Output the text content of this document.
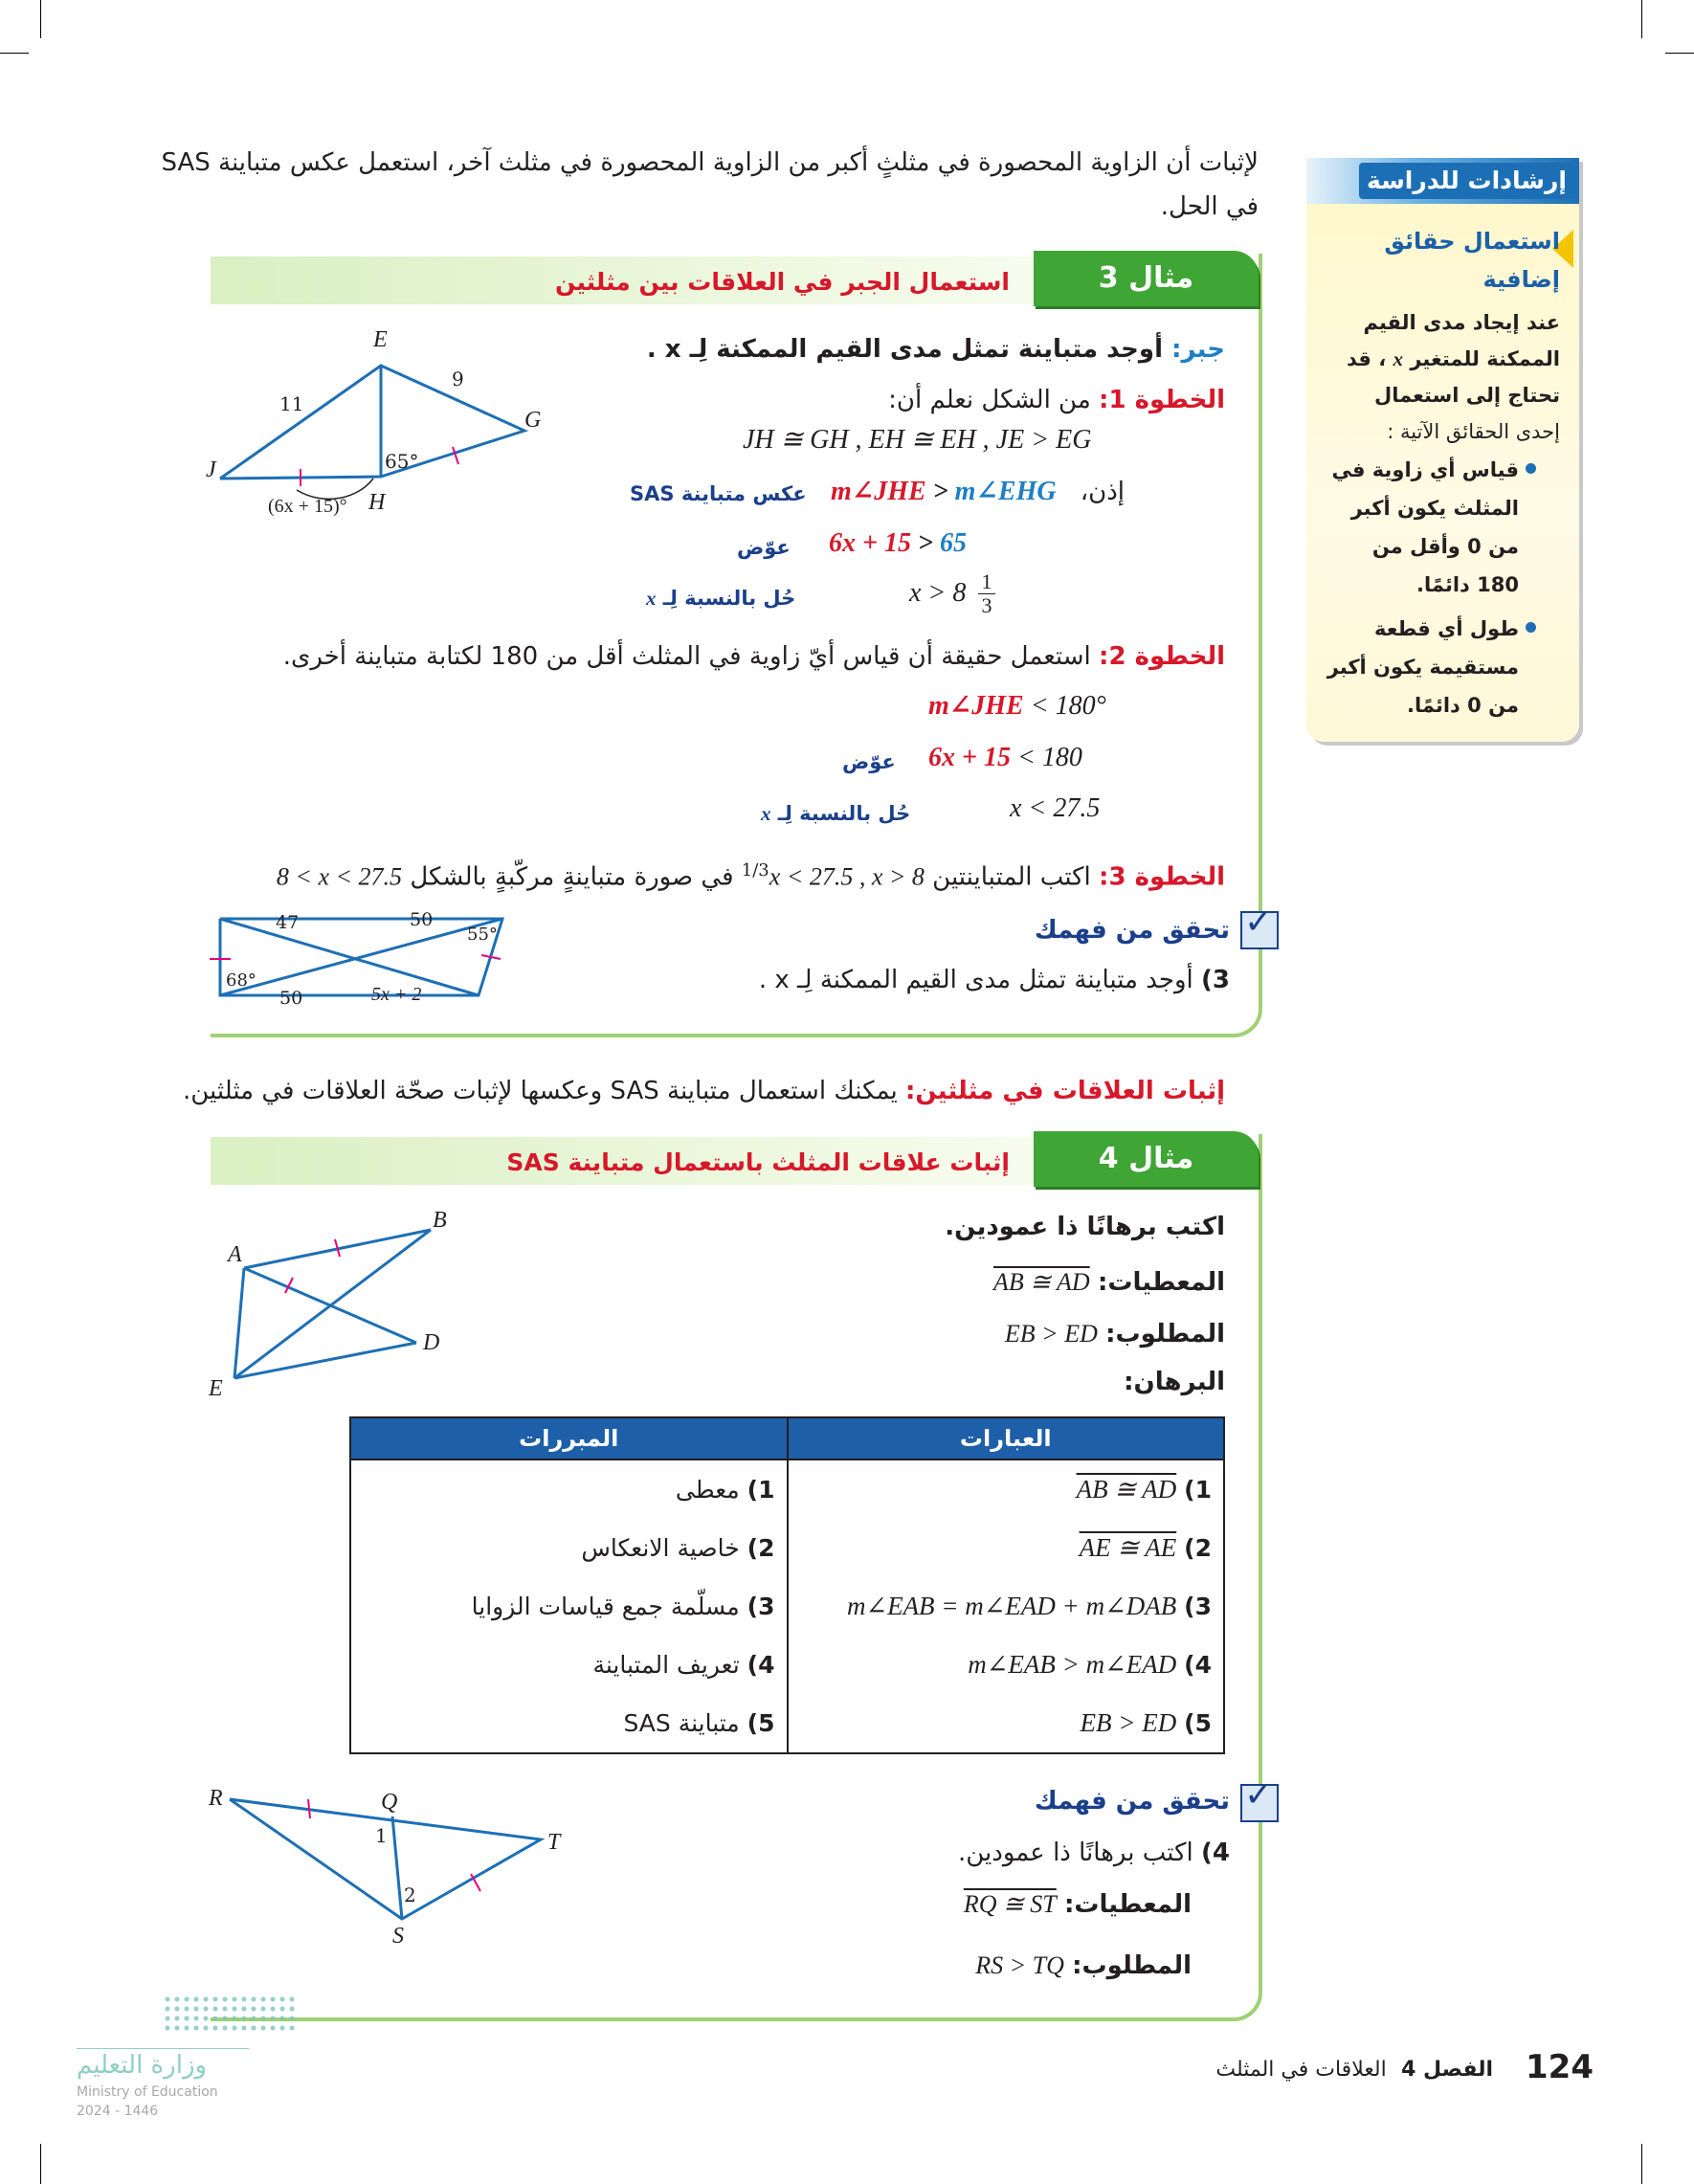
لإثبات أن الزاوية المحصورة في مثلثٍ أكبر من الزاوية المحصورة في مثلث آخر، استعمل عكس متباينة SAS
في الحل.
إرشادات للدراسة
استعمال حقائق
إضافية
عند إيجاد مدى القيم
الممكنة للمتغير x ، قد
تحتاج إلى استعمال
إحدى الحقائق الآتية :
قياس أي زاوية في
المثلث يكون أكبر
من 0 وأقل من
180 دائمًا.
طول أي قطعة
مستقيمة يكون أكبر
من 0 دائمًا.
مثال 3
استعمال الجبر في العلاقات بين مثلثين
جبر: أوجد متباينة تمثل مدى القيم الممكنة لِـ x .
الخطوة 1: من الشكل نعلم أن:
JH ≅ GH , EH ≅ EH , JE > EG
إذن،
m∠JHE > m∠EHG
عكس متباينة SAS
6x + 15 > 65
عوّض
x > 8 1
3
حُل بالنسبة لِـ x
الخطوة 2: استعمل حقيقة أن قياس أيّ زاوية في المثلث أقل من 180 لكتابة متباينة أخرى.
m∠JHE < 180°
6x + 15 < 180
عوّض
x < 27.5
حُل بالنسبة لِـ x
الخطوة 3: اكتب المتباينتين x < 27.5 , $x > 8^{1/3}$ في صورة متباينةٍ مركّبةٍ بالشكل 8 < x < 27.5
✓
تحقق من فهمك
3) أوجد متباينة تمثل مدى القيم الممكنة لِـ x .
E
G
J
H
11
9
65°
(6x + 15)°
47	50
55°
68°
50	5x + 2
إثبات العلاقات في مثلثين: يمكنك استعمال متباينة SAS وعكسها لإثبات صحّة العلاقات في مثلثين.
مثال 4
إثبات علاقات المثلث باستعمال متباينة SAS
اكتب برهانًا ذا عمودين.
المعطيات: AB ≅ AD
المطلوب: EB > ED
البرهان:
العبارات	المبررات
1) AB ≅ AD	1) معطى
2) AE ≅ AE	2) خاصية الانعكاس
3) m∠EAB = m∠EAD + m∠DAB	3) مسلّمة جمع قياسات الزوايا
4) m∠EAB > m∠EAD	4) تعريف المتباينة
5) EB > ED	5) متباينة SAS
A
B
D
E
✓
تحقق من فهمك
4) اكتب برهانًا ذا عمودين.
المعطيات: RQ ≅ ST
المطلوب: RS > TQ
R	Q
T
S
1
2
124
الفصل 4  العلاقات في المثلث
وزارة التعليم
Ministry of Education
2024 - 1446
